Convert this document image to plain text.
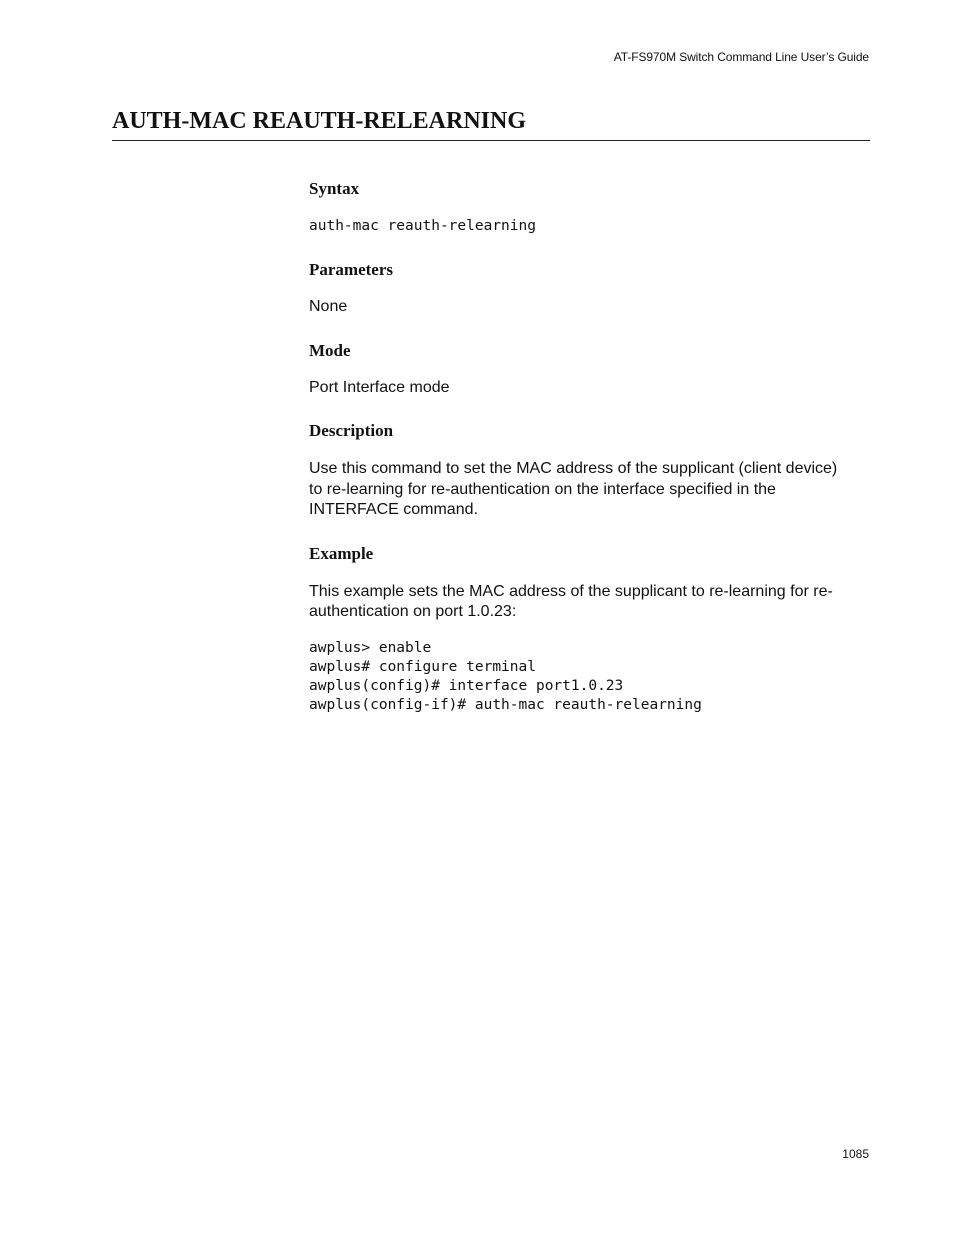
AT-FS970M Switch Command Line User’s Guide
AUTH-MAC REAUTH-RELEARNING
Syntax
auth-mac reauth-relearning
Parameters

None

Mode

Port Interface mode

Description
Use this command to set the MAC address of the supplicant (client device)
to re-learning for re-authentication on the interface specified in the
INTERFACE command.
Example
This example sets the MAC address of the supplicant to re-learning for re-
authentication on port 1.0.23:
awplus> enable
awplus# configure terminal
awplus(config)# interface port1.0.23
awplus(config-if)# auth-mac reauth-relearning
1085
